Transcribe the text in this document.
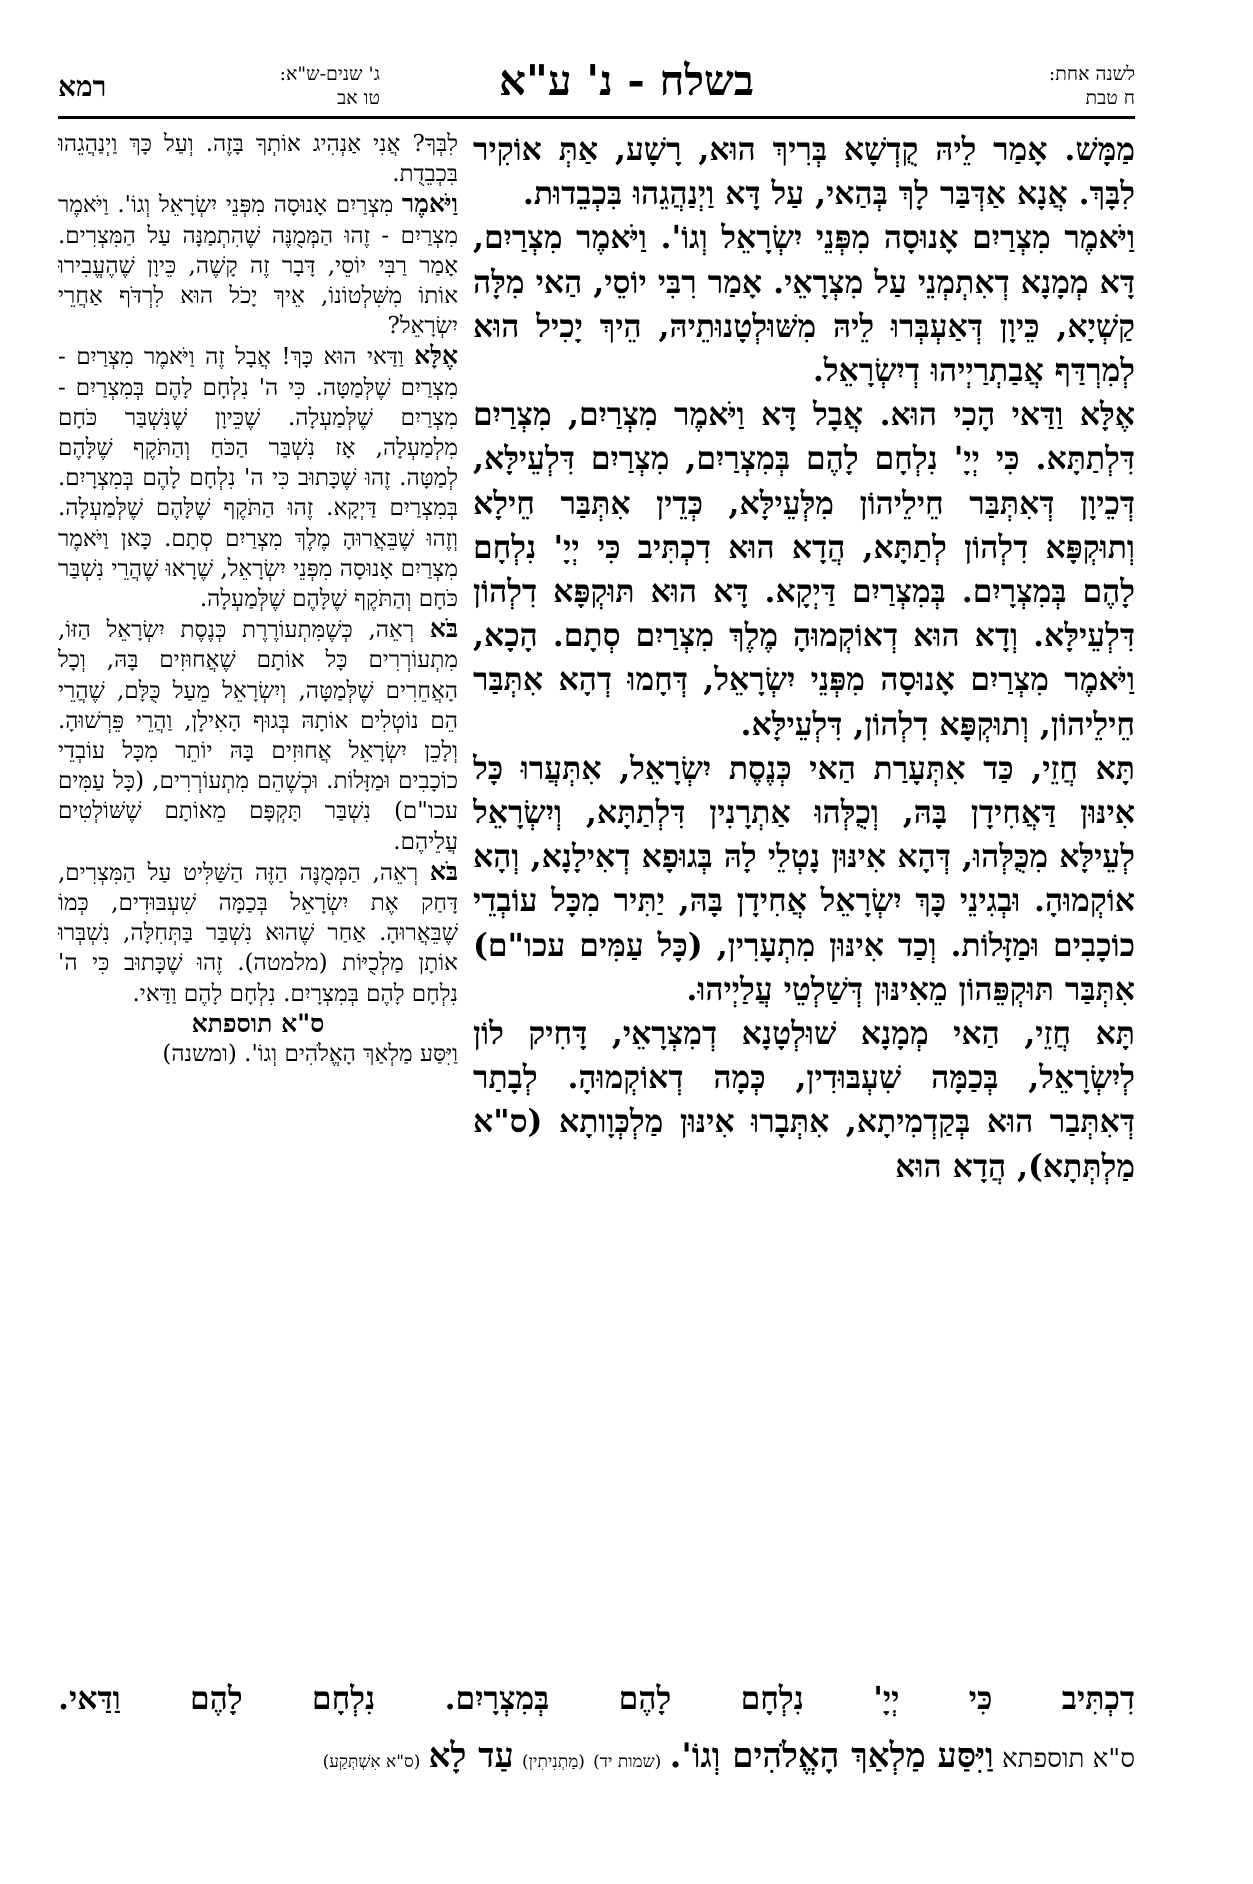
לשנה אחת:
ח טבת
בשלח - נ' ע"א
ג' שנים-ש"א:
טו אב
רמא

מַמָּשׁ. אָמַר לֵיהּ קֻדְשָׁא בְּרִיךְ הוּא, רָשָׁע, אַתְּ אוֹקִיר לִבָּךְ. אֲנָא אַדְּבַּר לָךְ בְּהַאי, עַל דָּא וַיְנַהֲגֵהוּ בִּכְבֵדוּת.

וַיֹּאמֶר מִצְרַיִם אָנוּסָה מִפְּנֵי יִשְׂרָאֵל וְגוֹ'. וַיֹּאמֶר מִצְרַיִם, דָּא מְמָנָא דְאִתְמְנֵי עַל מִצְרָאֵי. אָמַר רִבִּי יוֹסֵי, הַאי מִלָּה קַשְׁיָא, כֵּיוָן דְּאַעְבְּרוּ לֵיהּ מִשּׁוּלְטָנוּתֵיהּ, הֵיךְ יָכִיל הוּא לְמִרְדַּף אֲבַתְרַיְיהוּ דְיִשְׂרָאֵל.

אֶלָּא וַדַּאי הָכִי הוּא. אֲבָל דָּא וַיֹּאמֶר מִצְרַיִם, מִצְרַיִם דִּלְתַתָּא. כִּי יְיָ' נִלְחָם לָהֶם בְּמִצְרַיִם, מִצְרַיִם דִּלְעֵילָּא, דְּכֵיוָן דְּאִתְּבַּר חֵילֵיהוֹן מִלְּעֵילָּא, כְּדֵין אִתְּבַּר חֵילָא וְתוּקְפָּא דִלְהוֹן לְתַתָּא, הֲדָא הוּא דִכְתִּיב כִּי יְיָ' נִלְחָם לָהֶם בְּמִצְרָיִם. בְּמִצְרַיִם דַּיְקָא. דָּא הוּא תּוּקְפָּא דִלְהוֹן דִּלְעֵילָּא. וְדָא הוּא דְאוֹקְמוּהָ מֶלֶךְ מִצְרַיִם סְתָם. הָכָא, וַיֹּאמֶר מִצְרַיִם אָנוּסָה מִפְּנֵי יִשְׂרָאֵל, דְּחָמוּ דְהָא אִתְּבַּר חֵילֵיהוֹן, וְתוּקְפָּא דִלְהוֹן, דִּלְעֵילָּא.

תָּא חֲזֵי, כַּד אִתְּעָרַת הַאי כְּנֶסֶת יִשְׂרָאֵל, אִתְּעֲרוּ כָּל אִינּוּן דַּאֲחִידָן בָּהּ, וְכֻלְּהוּ אַתְרָנִין דִּלְתַתָּא, וְיִשְׂרָאֵל לְעֵילָּא מִכֻּלְּהוּ, דְּהָא אִינּוּן נָטְלֵי לָהּ בְּגוּפָא דְאִילָנָא, וְהָא אוֹקְמוּהָ. וּבְגִינֵי כָּךְ יִשְׂרָאֵל אֲחִידָן בָּהּ, יַתִּיר מִכָּל עוֹבְדֵי כוֹכָבִים וּמַזָּלוֹת. וְכַד אִינּוּן מִתְעָרִין, (כָּל עַמִּים עכו"ם) אִתְּבַּר תּוּקְפֵּהוֹן מֵאִינּוּן דְּשַׁלְטֵי עֲלַיְיהוּ.

תָּא חֲזֵי, הַאי מְמָנָא שׁוּלְטָנָא דְמִצְרָאֵי, דָּחִיק לוֹן לְיִשְׂרָאֵל, בְּכַמָּה שִׁעְבּוּדִין, כְּמָה דְאוֹקְמוּהָ. לְבָתַר דְּאִתְּבַר הוּא בְּקַדְמִיתָא, אִתְּבָרוּ אִינּוּן מַלְכְּוָותָא (ס"א מַלְתְּתָא), הֲדָא הוּא

לִבְּךָ? אֲנִי אַנְהִיג אוֹתְךָ בָּזֶה. וְעַל כָּךְ וַיְנַהֲגֵהוּ בִּכְבֵדֻת.

וַיֹּאמֶר מִצְרַיִם אָנוּסָה מִפְּנֵי יִשְׂרָאֵל וְגוֹ'. וַיֹּאמֶר מִצְרַיִם - זֶהוּ הַמְּמֻנֶּה שֶׁהִתְמַנָּה עַל הַמִּצְרִים. אָמַר רַבִּי יוֹסֵי, דָּבָר זֶה קָשֶׁה, כֵּיוָן שֶׁהֶעֱבִירוּ אוֹתוֹ מִשִּׁלְטוֹנוֹ, אֵיךְ יָכֹל הוּא לִרְדֹּף אַחֲרֵי יִשְׂרָאֵל?

אֶלָּא וַדַּאי הוּא כָּךְ! אֲבָל זֶה וַיֹּאמֶר מִצְרַיִם - מִצְרַיִם שֶׁלְּמַטָּה. כִּי ה' נִלְחָם לָהֶם בְּמִצְרַיִם - מִצְרַיִם שֶׁלְּמַעְלָה. שֶׁכֵּיוָן שֶׁנִּשְׁבַּר כֹּחָם מִלְמַעְלָה, אָז נִשְׁבַּר הַכֹּחַ וְהַתֹּקֶף שֶׁלָּהֶם לְמַטָּה. זֶהוּ שֶׁכָּתוּב כִּי ה' נִלְחָם לָהֶם בְּמִצְרָיִם. בְּמִצְרַיִם דַּיְקָא. זֶהוּ הַתֹּקֶף שֶׁלָּהֶם שֶׁלְּמַעְלָה. וְזֶהוּ שֶׁבֵּאֲרוּהָ מֶלֶךְ מִצְרַיִם סְתָם. כָּאן וַיֹּאמֶר מִצְרַיִם אָנוּסָה מִפְּנֵי יִשְׂרָאֵל, שֶׁרָאוּ שֶׁהֲרֵי נִשְׁבַּר כֹּחָם וְהַתֹּקֶף שֶׁלָּהֶם שֶׁלְּמַעְלָה.

בֹּא רְאֵה, כְּשֶׁמִּתְעוֹרֶרֶת כְּנֶסֶת יִשְׂרָאֵל הַזּוֹ, מִתְעוֹרְרִים כָּל אוֹתָם שֶׁאֲחוּזִים בָּהּ, וְכָל הָאֲחֵרִים שֶׁלְּמַטָּה, וְיִשְׂרָאֵל מֵעַל כֻּלָּם, שֶׁהֲרֵי הֵם נוֹטְלִים אוֹתָהּ בְּגוּף הָאִילָן, וַהֲרֵי פֵּרְשׁוּהָ. וְלָכֵן יִשְׂרָאֵל אֲחוּזִים בָּהּ יוֹתֵר מִכָּל עוֹבְדֵי כוֹכָבִים וּמַזָּלוֹת. וּכְשֶׁהֵם מִתְעוֹרְרִים, (כָּל עַמִּים עכו"ם) נִשְׁבַּר תָּקְפָּם מֵאוֹתָם שֶׁשּׁוֹלְטִים עֲלֵיהֶם.

בֹּא רְאֵה, הַמְּמֻנֶּה הַזֶּה הַשַּׁלִּיט עַל הַמִּצְרִים, דָּחַק אֶת יִשְׂרָאֵל בְּכַמָּה שִׁעְבּוּדִים, כְּמוֹ שֶׁבֵּאֲרוּהָ. אַחַר שֶׁהוּא נִשְׁבַּר בַּתְּחִלָּה, נִשְׁבְּרוּ אוֹתָן מַלְכֻיּוֹת (מלמטה). זֶהוּ שֶׁכָּתוּב כִּי ה' נִלְחָם לָהֶם בְּמִצְרָיִם. נִלְחָם לָהֶם וַדַּאי.

ס"א תוספתא

וַיִּסַּע מַלְאַךְ הָאֱלֹהִים וְגוֹ'. (ומשנה)

דִכְתִּיב כִּי יְיָ' נִלְחָם לָהֶם בְּמִצְרָיִם. נִלְחָם לָהֶם וַדַּאי.
ס"א תוספתא וַיִּסַּע מַלְאַךְ הָאֱלֹהִים וְגוֹ'. (שמות יד) (מַתְנִיתִין) עַד לָא (ס"א אִשְׁתְּקַע)
